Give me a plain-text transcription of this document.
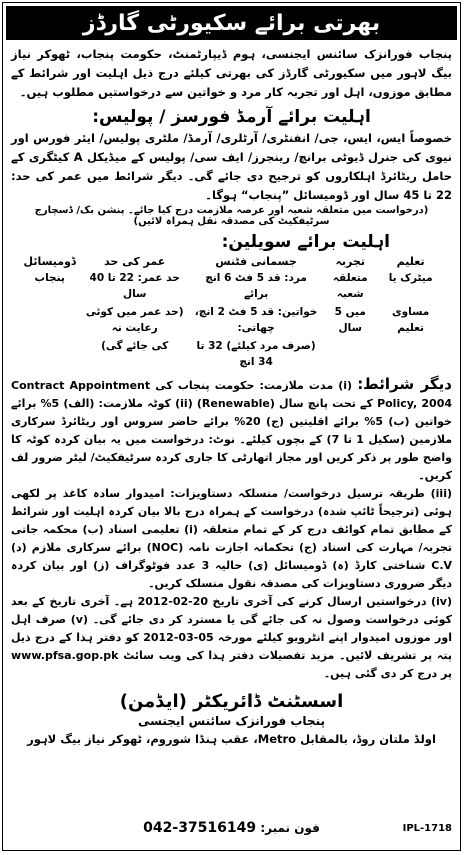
بھرتی برائے سکیورٹی گارڈز

پنجاب فورانزک سائنس ایجنسی، ہوم ڈیپارٹمنٹ، حکومت پنجاب، ٹھوکر نیاز بیگ لاہور میں سکیورٹی گارڈز کی بھرتی کیلئے درج ذیل اہلیت اور شرائط کے مطابق موزوں، اہل اور تجربہ کار مرد و خواتین سے درخواستیں مطلوب ہیں۔

اہلیت برائے آرمڈ فورسز / پولیس:

خصوصاً ایس، ایس، جی/ انفنٹری/ آرٹلری/ آرمڈ/ ملٹری پولیس/ ایئر فورس اور نیوی کی جنرل ڈیوٹی برانچ/ رینجرز/ ایف سی/ پولیس کے میڈیکل A کیٹگری کے حامل ریٹائرڈ اہلکاروں کو ترجیح دی جائے گی۔ دیگر شرائط میں عمر کی حد: 22 تا 45 سال اور ڈومیسائل ”پنجاب“ ہوگا۔

(درخواست میں متعلقہ شعبہ اور عرصہ ملازمت درج کیا جائے۔ پنشن بک/ ڈسچارج سرٹیفکیٹ کی مصدقہ نقل ہمراہ لائیں)

اہلیت برائے سویلین:
تعلیم	تجربہ	جسمانی فٹنس	عمر کی حد	ڈومیسائل
میٹرک یا	متعلقہ شعبہ	مرد: قد 5 فٹ 6 انچ برائے	حد عمر: 22 تا 40 سال	پنجاب
مساوی تعلیم	میں 5 سال	خواتین: قد 5 فٹ 2 انچ، چھاتی:	(حد عمر میں کوئی رعایت نہ	
		(صرف مرد کیلئے) 32 تا 34 انچ	کی جائے گی)	

دیگر شرائط: (i) مدت ملازمت: حکومت پنجاب کی Contract Appointment Policy, 2004 کے تحت پانچ سال (Renewable) (ii) کوٹہ ملازمت: (الف) 5% برائے خواتین (ب) 5% برائے اقلیتیں (ج) 20% برائے حاضر سروس اور ریٹائرڈ سرکاری ملازمین (سکیل 1 تا 7) کے بچوں کیلئے۔ نوٹ: درخواست میں یہ بیان کردہ کوٹہ کا واضح طور پر ذکر کریں اور مجاز اتھارٹی کا جاری کردہ سرٹیفکیٹ/ لیٹر ضرور لف کریں۔

(iii) طریقہ ترسیل درخواست/ منسلکہ دستاویزات: امیدوار سادہ کاغذ پر لکھی ہوئی (ترجیحاً ٹائپ شدہ) درخواست کے ہمراہ درج بالا بیان کردہ اہلیت اور شرائط کے مطابق تمام کوائف درج کر کے تمام متعلقہ (i) تعلیمی اسناد (ب) محکمہ جاتی تجربہ/ مہارت کی اسناد (ج) تحکمانہ اجازت نامہ (NOC) برائے سرکاری ملازم (د) C.V شناختی کارڈ (ہ) ڈومیسائل (ی) حالیہ 3 عدد فوٹوگراف (ز) اور بیان کردہ دیگر ضروری دستاویزات کی مصدقہ نقول منسلک کریں۔

(iv) درخواستیں ارسال کرنے کی آخری تاریخ 20-02-2012 ہے۔ آخری تاریخ کے بعد کوئی درخواست وصول نہ کی جائے گی یا مسترد کر دی جائے گی۔ (v) صرف اہل اور موزوں امیدوار اپنے انٹرویو کیلئے مورخہ 05-03-2012 کو دفتر ہذا کے درج ذیل پتہ پر تشریف لائیں۔ مزید تفصیلات دفتر ہذا کی ویب سائٹ www.pfsa.gop.pk پر درج کر دی گئی ہیں۔

اسسٹنٹ ڈائریکٹر (ایڈمن)
پنجاب فورانزک سائنس ایجنسی
اولڈ ملتان روڈ، بالمقابل Metro، عقب ہنڈا شوروم، ٹھوکر نیاز بیگ لاہور
فون نمبر: 042-37516149	IPL-1718
